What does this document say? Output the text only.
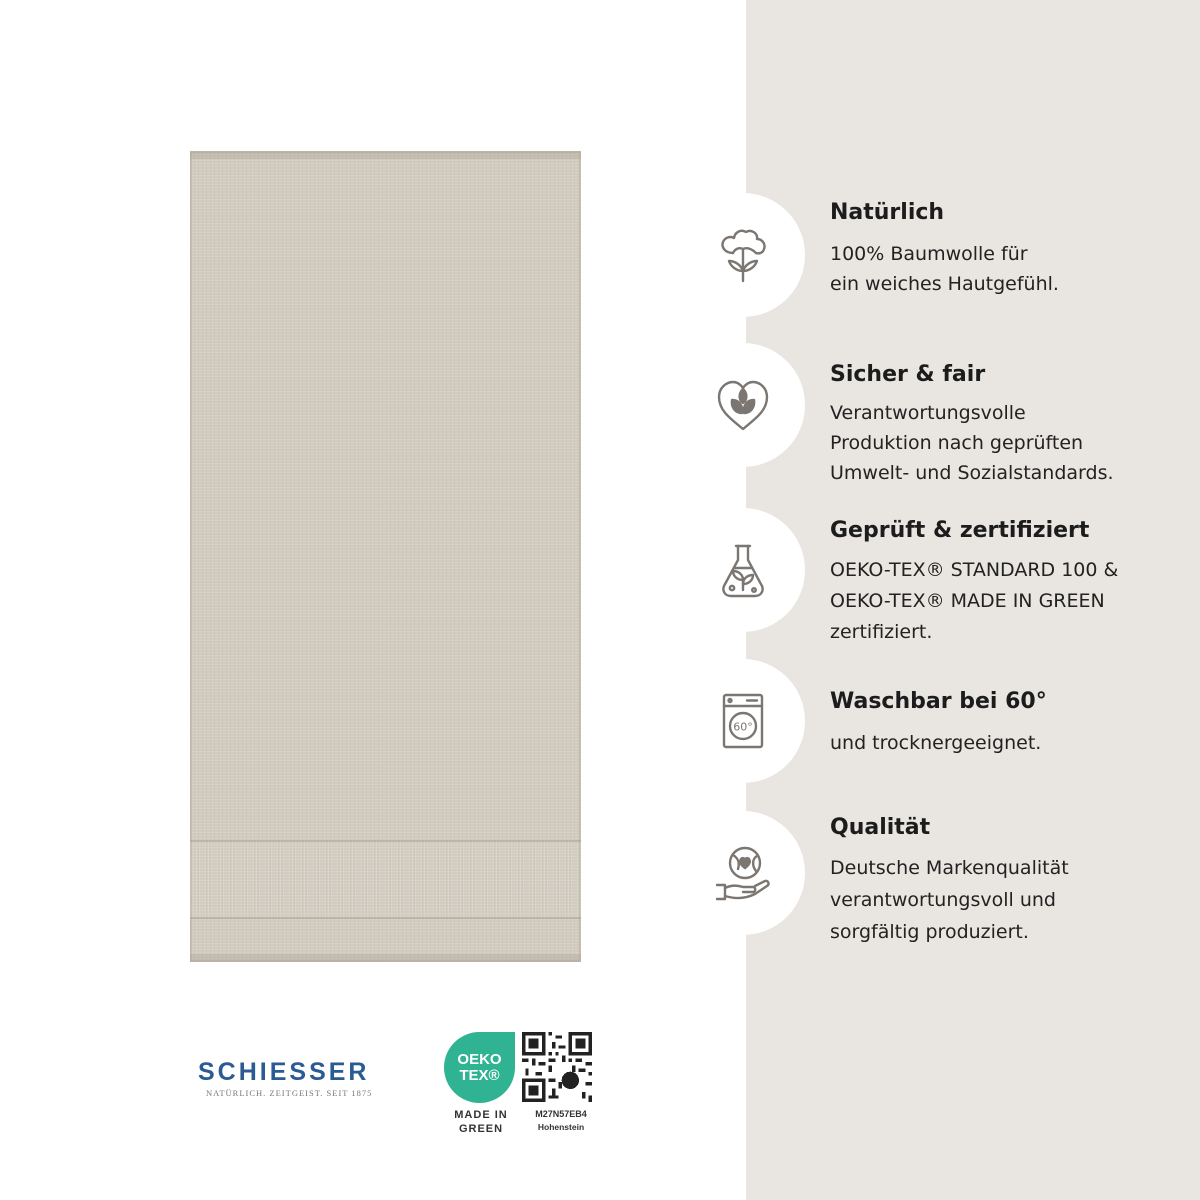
Natürlich
100% Baumwolle für
ein weiches Hautgefühl.
Sicher & fair
Verantwortungsvolle
Produktion nach geprüften
Umwelt- und Sozialstandards.
Geprüft & zertifiziert
OEKO-TEX® STANDARD 100 &
OEKO-TEX® MADE IN GREEN
zertifiziert.
60°
Waschbar bei 60°
und trocknergeeignet.
Qualität
Deutsche Markenqualität
verantwortungsvoll und
sorgfältig produziert.
SCHIESSER
NATÜRLICH. ZEITGEIST. SEIT 1875
OEKO
TEX®
MADE IN
GREEN
M27N57EB4
Hohenstein
